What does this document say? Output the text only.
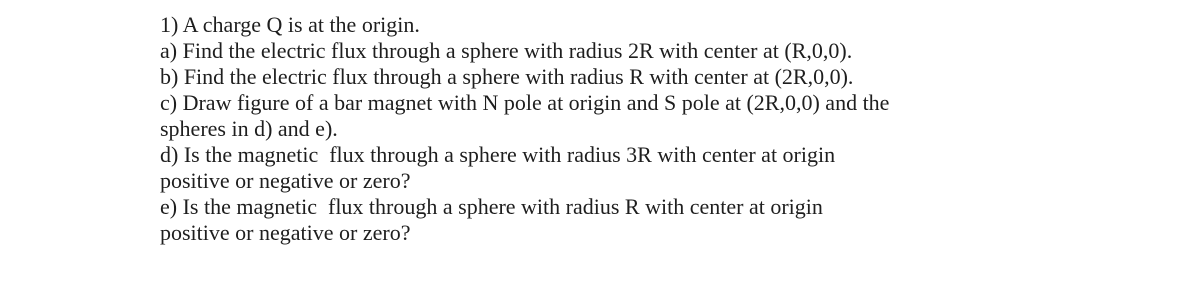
1) A charge Q is at the origin.
a) Find the electric flux through a sphere with radius 2R with center at (R,0,0).
b) Find the electric flux through a sphere with radius R with center at (2R,0,0).
c) Draw figure of a bar magnet with N pole at origin and S pole at (2R,0,0) and the
spheres in d) and e).
d) Is the magnetic  flux through a sphere with radius 3R with center at origin
positive or negative or zero?
e) Is the magnetic  flux through a sphere with radius R with center at origin
positive or negative or zero?
